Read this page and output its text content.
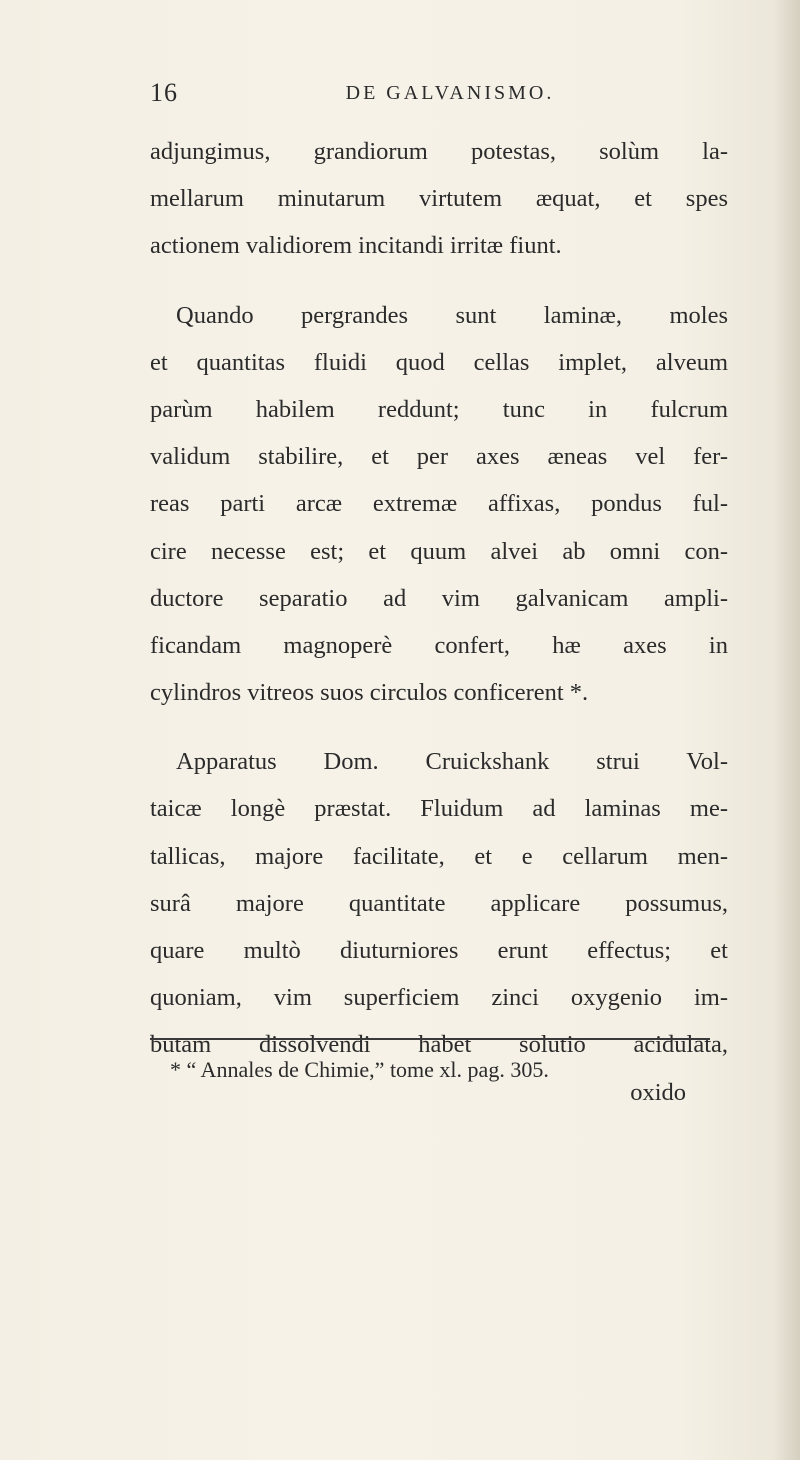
16	DE GALVANISMO.
adjungimus, grandiorum potestas, solùm la-
mellarum minutarum virtutem æquat, et spes
actionem validiorem incitandi irritæ fiunt.
Quando pergrandes sunt laminæ, moles
et quantitas fluidi quod cellas implet, alveum
parùm habilem reddunt; tunc in fulcrum
validum stabilire, et per axes æneas vel fer-
reas parti arcæ extremæ affixas, pondus ful-
cire necesse est; et quum alvei ab omni con-
ductore separatio ad vim galvanicam ampli-
ficandam magnoperè confert, hæ axes in
cylindros vitreos suos circulos conficerent *.
Apparatus Dom. Cruickshank strui Vol-
taicæ longè præstat. Fluidum ad laminas me-
tallicas, majore facilitate, et e cellarum men-
surâ majore quantitate applicare possumus,
quare multò diuturniores erunt effectus; et
quoniam, vim superficiem zinci oxygenio im-
butam dissolvendi habet solutio acidulata,
oxido
* “ Annales de Chimie,” tome xl. pag. 305.
